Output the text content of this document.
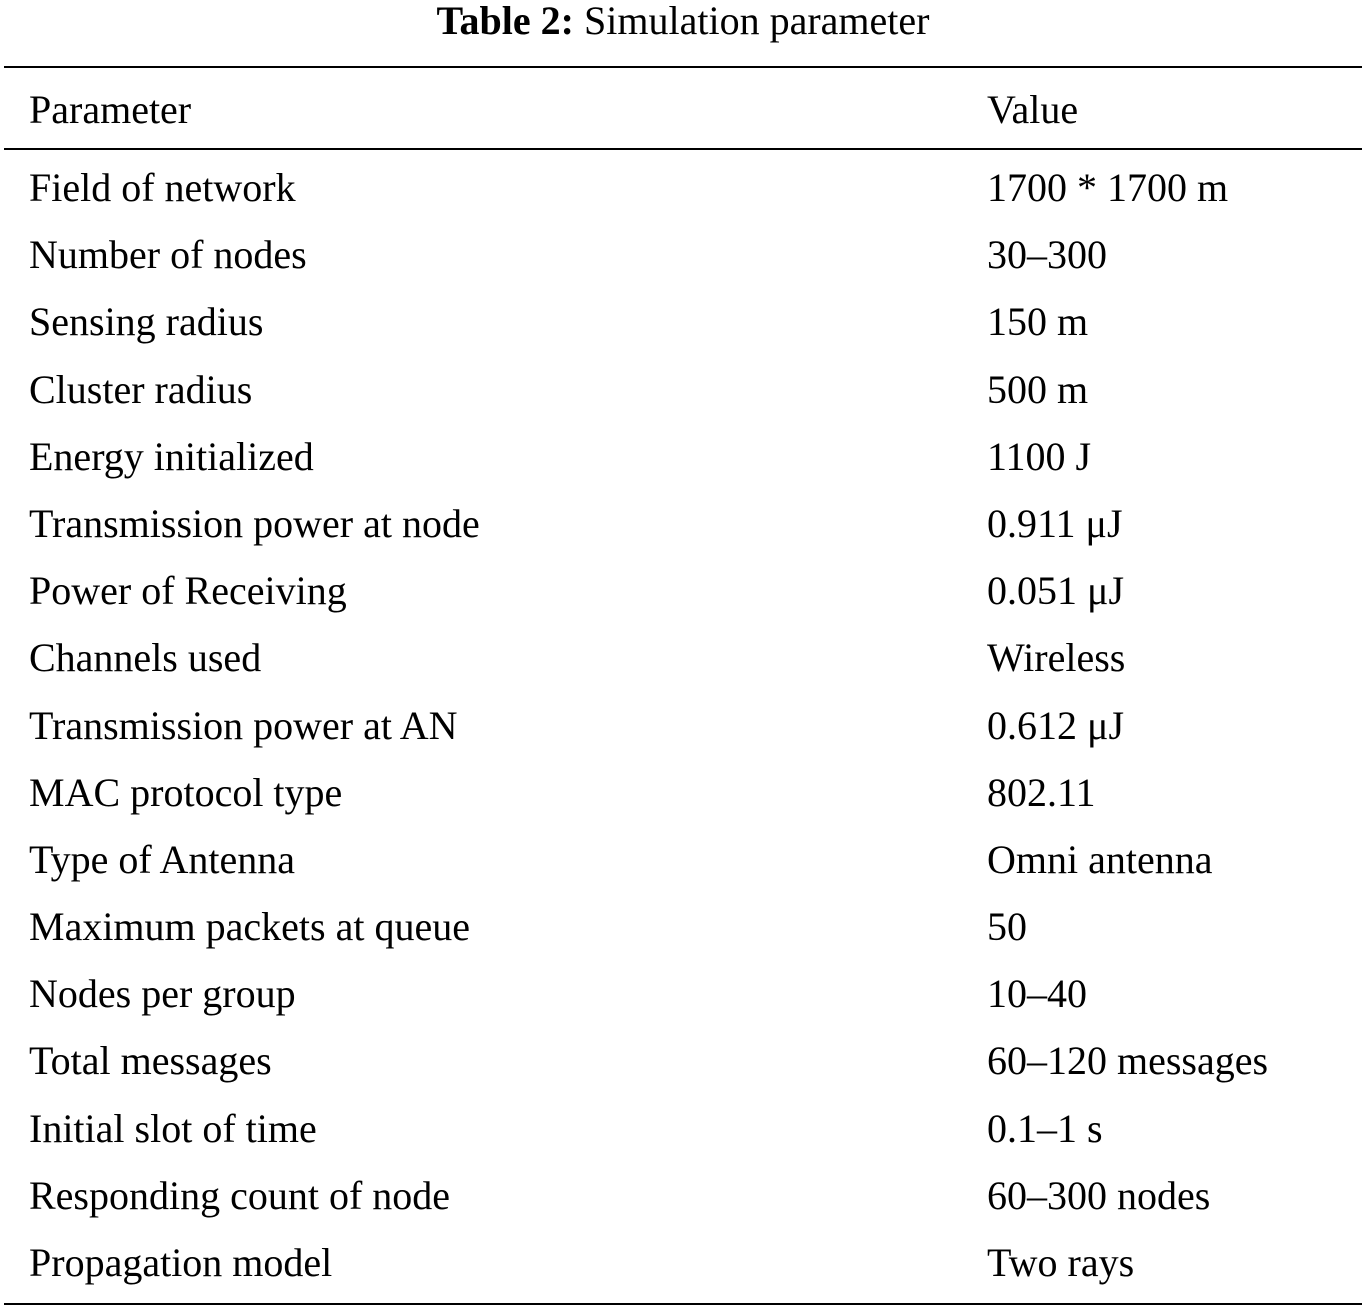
Table 2: Simulation parameter
Parameter	Value
Field of network	1700 * 1700 m
Number of nodes	30–300
Sensing radius	150 m
Cluster radius	500 m
Energy initialized	1100 J
Transmission power at node	0.911 μJ
Power of Receiving	0.051 μJ
Channels used	Wireless
Transmission power at AN	0.612 μJ
MAC protocol type	802.11
Type of Antenna	Omni antenna
Maximum packets at queue	50
Nodes per group	10–40
Total messages	60–120 messages
Initial slot of time	0.1–1 s
Responding count of node	60–300 nodes
Propagation model	Two rays
